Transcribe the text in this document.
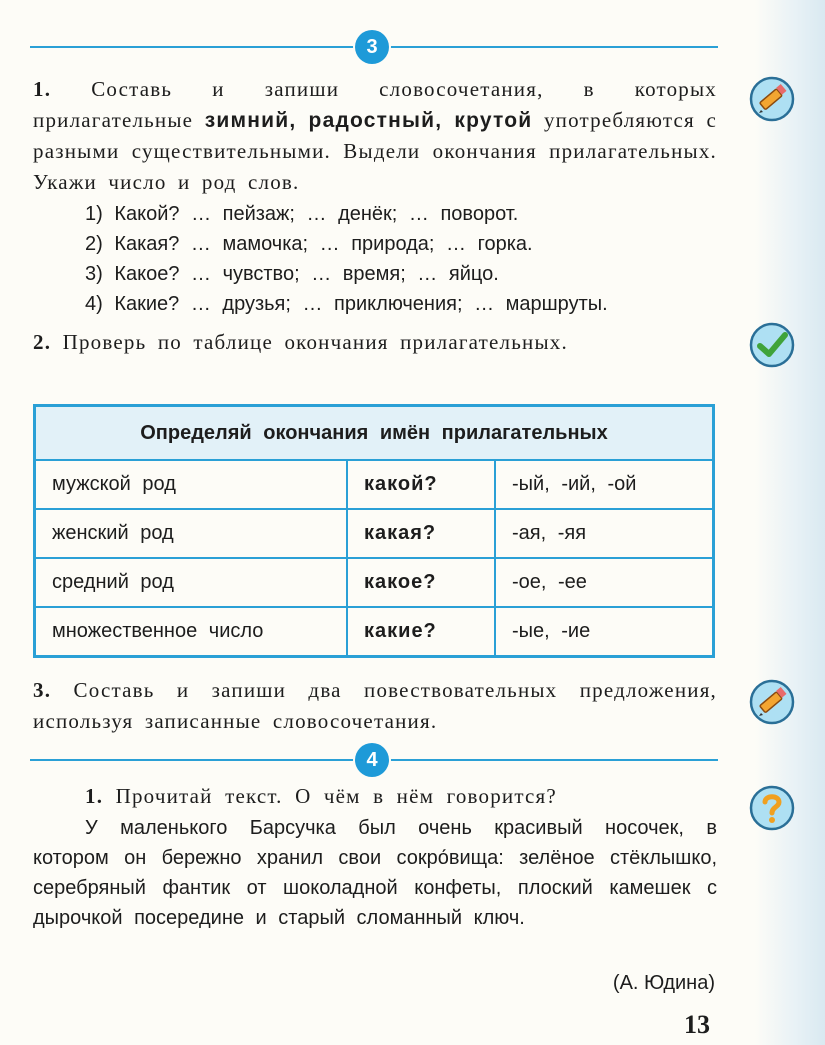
3

1. Составь и запиши словосочетания, в которых прилагательные зимний, радостный, крутой употребляются с разными существительными. Выдели окончания прилагательных. Укажи число и род слов.

1) Какой? … пейзаж; … денёк; … поворот.
2) Какая? … мамочка; … природа; … горка.
3) Какое? … чувство; … время; … яйцо.
4) Какие? … друзья; … приключения; … маршруты.

2. Проверь по таблице окончания прилагательных.

Определяй окончания имён прилагательных		
мужской род	какой?	-ый, -ий, -ой
женский род	какая?	-ая, -яя
средний род	какое?	-ое, -ее
множественное число	какие?	-ые, -ие

3. Составь и запиши два повествовательных предложения, используя записанные словосочетания.

4

1. Прочитай текст. О чём в нём говорится?

У маленького Барсучка был очень красивый носочек, в котором он бережно хранил свои сокро́вища: зелёное стёклышко, серебряный фантик от шоколадной конфеты, плоский камешек с дырочкой посередине и старый сломанный ключ.

(А. Юдина)

13
